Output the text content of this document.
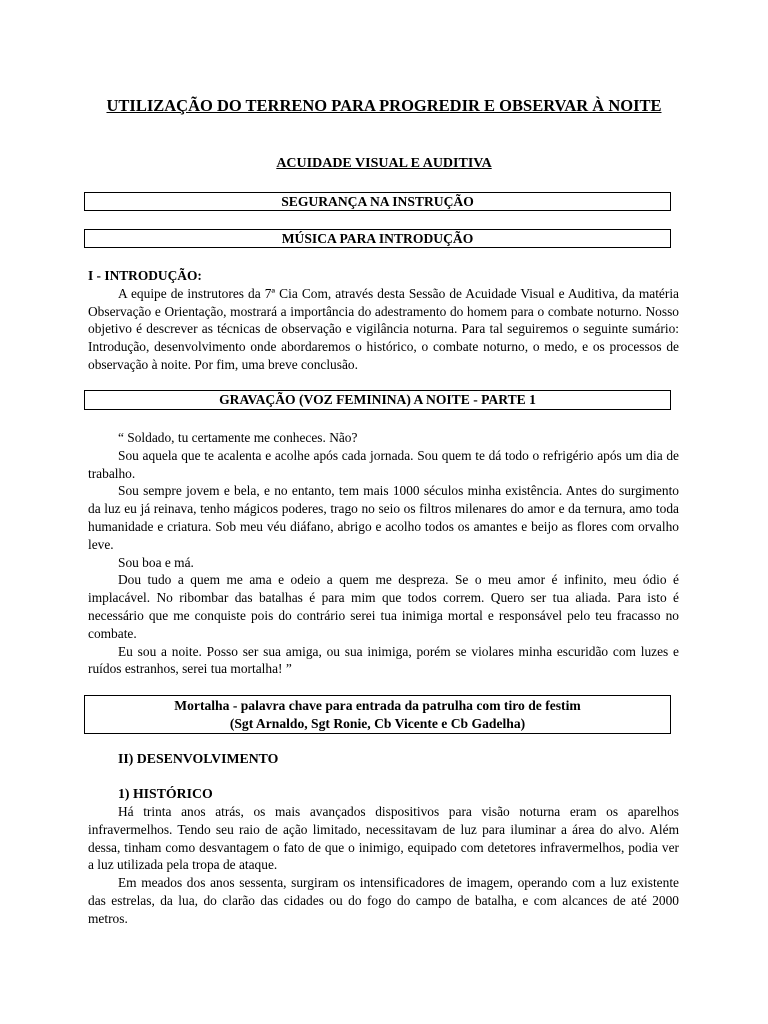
UTILIZAÇÃO DO TERRENO PARA PROGREDIR E OBSERVAR À NOITE
ACUIDADE VISUAL E AUDITIVA
SEGURANÇA NA INSTRUÇÃO
MÚSICA PARA INTRODUÇÃO
I - INTRODUÇÃO:

A equipe de instrutores da 7ª Cia Com, através desta Sessão de Acuidade Visual e Auditiva, da matéria Observação e Orientação, mostrará a importância do adestramento do homem para o combate noturno. Nosso objetivo é descrever as técnicas de observação e vigilância noturna. Para tal seguiremos o seguinte sumário: Introdução, desenvolvimento onde abordaremos o histórico, o combate noturno, o medo, e os processos de observação à noite. Por fim, uma breve conclusão.

GRAVAÇÃO (VOZ FEMININA) A NOITE - PARTE 1

“ Soldado, tu certamente me conheces. Não?

Sou aquela que te acalenta e acolhe após cada jornada. Sou quem te dá todo o refrigério após um dia de trabalho.

Sou sempre jovem e bela, e no entanto, tem mais 1000 séculos minha existência. Antes do surgimento da luz eu já reinava, tenho mágicos poderes, trago no seio os filtros milenares do amor e da ternura, amo toda humanidade e criatura. Sob meu véu diáfano, abrigo e acolho todos os amantes e beijo as flores com orvalho leve.

Sou boa e má.

Dou tudo a quem me ama e odeio a quem me despreza. Se o meu amor é infinito, meu ódio é implacável. No ribombar das batalhas é para mim que todos correm. Quero ser tua aliada. Para isto é necessário que me conquiste pois do contrário serei tua inimiga mortal e responsável pelo teu fracasso no combate.

Eu sou a noite. Posso ser sua amiga, ou sua inimiga, porém se violares minha escuridão com luzes e ruídos estranhos, serei tua mortalha! ”

Mortalha - palavra chave para entrada da patrulha com tiro de festim
(Sgt Arnaldo, Sgt Ronie, Cb Vicente e Cb Gadelha)
II) DESENVOLVIMENTO
1) HISTÓRICO

Há trinta anos atrás, os mais avançados dispositivos para visão noturna eram os aparelhos infravermelhos. Tendo seu raio de ação limitado, necessitavam de luz para iluminar a área do alvo. Além dessa, tinham como desvantagem o fato de que o inimigo, equipado com detetores infravermelhos, podia ver a luz utilizada pela tropa de ataque.

Em meados dos anos sessenta, surgiram os intensificadores de imagem, operando com a luz existente das estrelas, da lua, do clarão das cidades ou do fogo do campo de batalha, e com alcances de até 2000 metros.
